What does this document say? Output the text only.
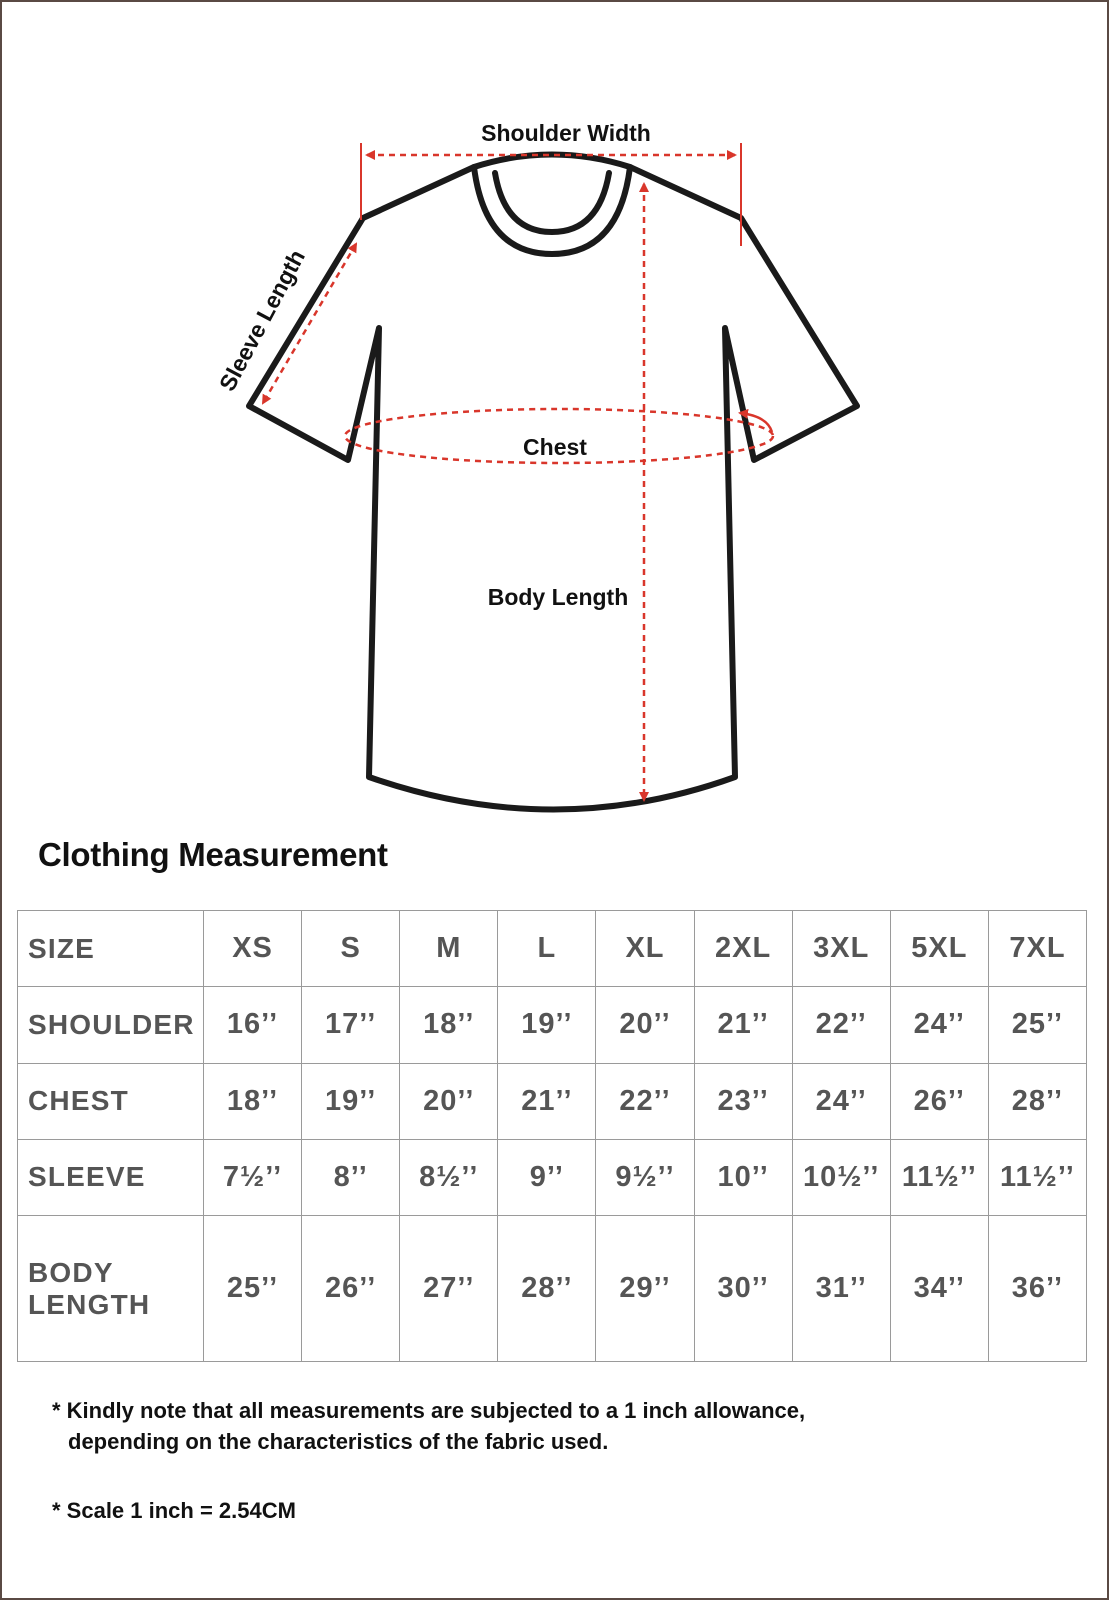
Shoulder Width
Sleeve Length
Chest
Body Length
Clothing Measurement
SIZE	XS	S	M	L	XL	2XL	3XL	5XL	7XL
SHOULDER	16’’	17’’	18’’	19’’	20’’	21’’	22’’	24’’	25’’
CHEST	18’’	19’’	20’’	21’’	22’’	23’’	24’’	26’’	28’’
SLEEVE	7½’’	8’’	8½’’	9’’	9½’’	10’’	10½’’	11½’’	11½’’
BODY LENGTH	25’’	26’’	27’’	28’’	29’’	30’’	31’’	34’’	36’’
* Kindly note that all measurements are subjected to a 1 inch allowance,
depending on the characteristics of the fabric used.
* Scale 1 inch = 2.54CM
